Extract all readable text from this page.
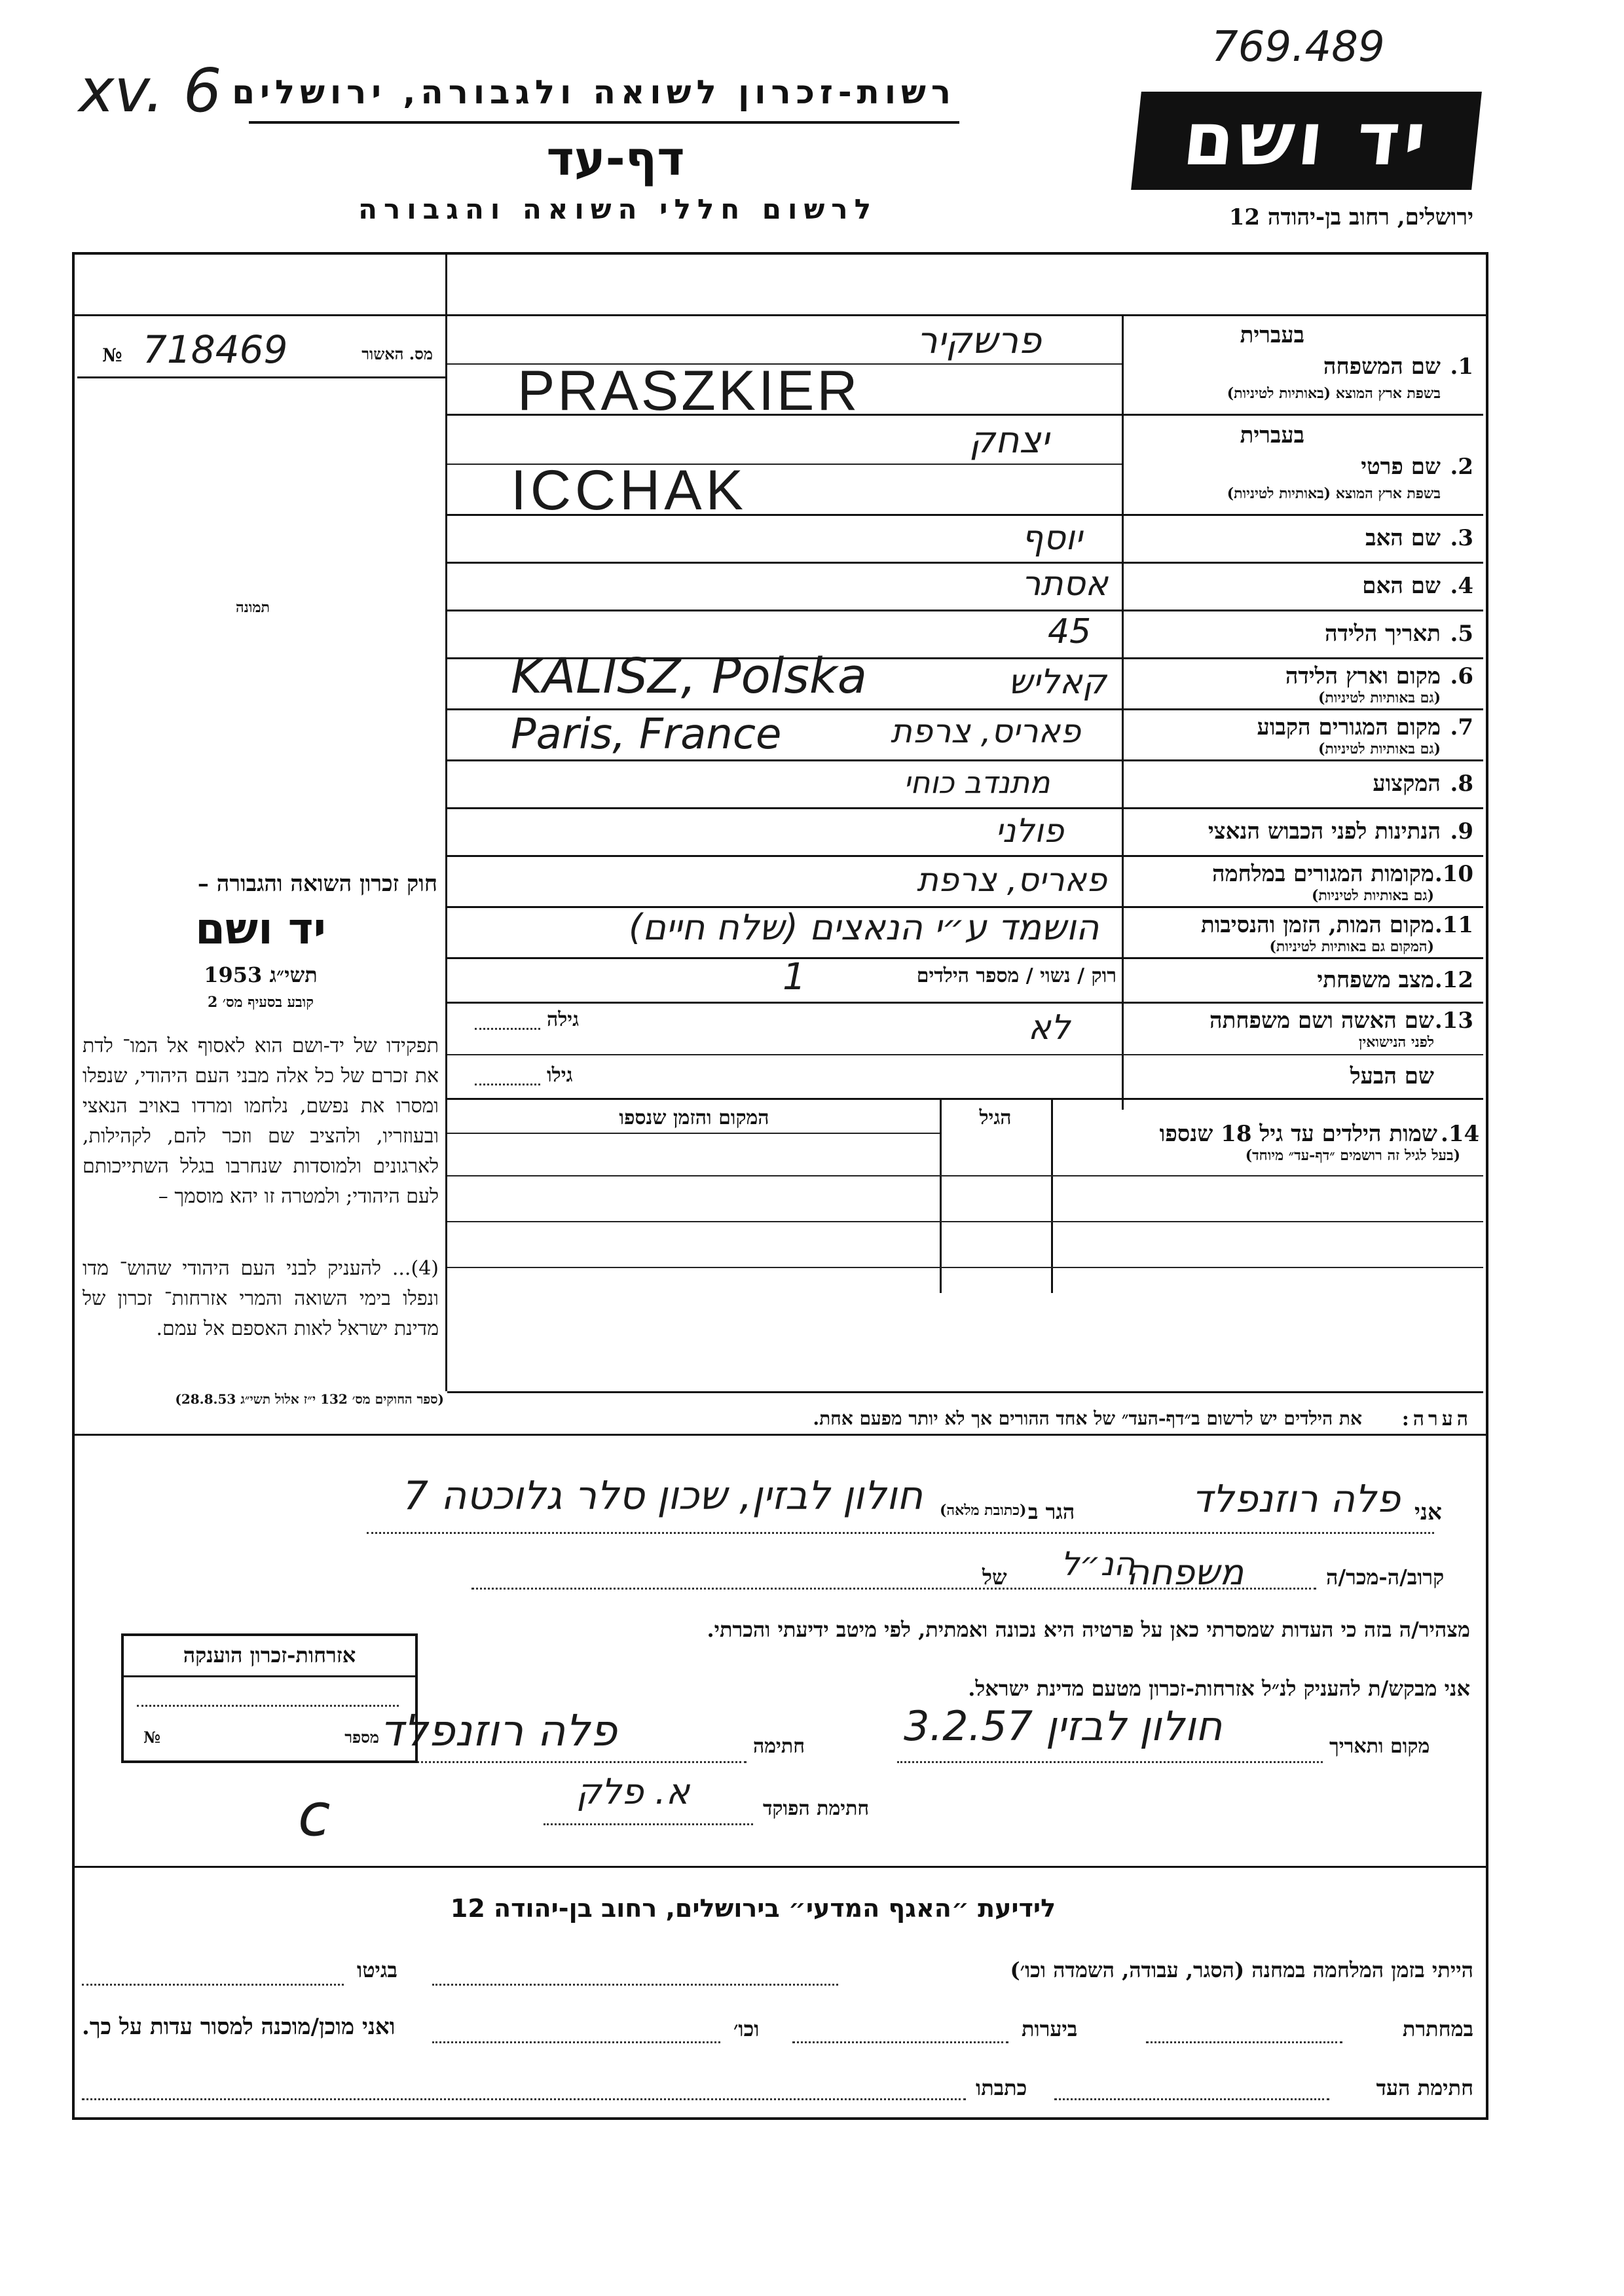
xv. 6
769.489
רשות-זכרון לשואה ולגבורה, ירושלים
דף-עד
לרשום חללי השואה והגבורה
יד ושם
ירושלים, רחוב בן-יהודה 12
№ 718469	מס. האשור
תמונה
בעברית
1.
שם המשפחה
בשפת ארץ המוצא (באותיות לטיניות)
בעברית
2.
שם פרטי
בשפת ארץ המוצא (באותיות לטיניות)
3.
שם האב
4.
שם האם
5.
תאריך הלידה
6.
מקום וארץ הלידה
(גם באותיות לטיניות)
7.
מקום המגורים הקבוע
(גם באותיות לטיניות)
8.
המקצוע
9.
הנתינות לפני הכבוש הנאצי
10.
מקומות המגורים במלחמה
(גם באותיות לטיניות)
11.
מקום המות, הזמן והנסיבות
(המקום גם באותיות לטיניות)
12.
מצב משפחתי
רוק / נשוי / מספר הילדים
13.
שם האשה ושם משפחתה
לפני הנישואין
גילה
שם הבעל
גילו
פרשקיר
PRASZKIER
יצחק
ICCHAK
יוסף
אסתר
45
קאליש
KALISZ, Polska
פאריס, צרפת
Paris, France
מתנדב כוחי
פולני
פאריס, צרפת
הושמד ע״י הנאצים (שלח חיים)
1
לא
14.
שמות הילדים עד גיל 18 שנספו
(בעל לגיל זה רושמים ״דף-עד״ מיוחד)
הגיל
המקום והזמן שנספו
חוק זכרון השואה והגבורה –
יד ושם
תשי״ג 1953
קובע בסעיף מס׳ 2
תפקידו של יד-ושם הוא לאסוף אל המו־ לדת את זכרם של כל אלה מבני העם היהודי, שנפלו ומסרו את נפשם, נלחמו ומרדו באויב הנאצי ובעוזריו, ולהציב שם וזכר להם, לקהילות, לארגונים ולמוסדות שנחרבו בגלל השתייכותם לעם היהודי; ולמטרה זו יהא מוסמך –
(4)... להעניק לבני העם היהודי שהוש־ מדו ונפלו בימי השואה והמרי אזרחות־ זכרון של מדינת ישראל לאות האספם אל עמם.
(ספר החוקים מס׳ 132 י״ז אלול תשי״ג 28.8.53)
הערה:
את הילדים יש לרשום ב״דף-העד״ של אחד ההורים אך לא יותר מפעם אחת.
אני
פלה רוזנפלד
הגר ב
(כתובת מלאה)
חולון לבזין, שכון סלר גלוכטה 7
קרוב/ה-מכר/ה
משפחה
של הנ״ל
מצהיר/ה בזה כי העדות שמסרתי כאן על פרטיה היא נכונה ואמתית, לפי מיטב ידיעתי והכרתי.
אני מבקש/ת להעניק לנ״ל אזרחות-זכרון מטעם מדינת ישראל.
מקום ותאריך
חולון לבזין 3.2.57
חתימה
פלה רוזנפלד
חתימת הפוקד
א. פלק
אזרחות-זכרון הוענקה
מספר
№
c
לידיעת ״האגף המדעי״ בירושלים, רחוב בן-יהודה 12
הייתי בזמן המלחמה במחנה (הסגר, עבודה, השמדה וכו׳)
בגיטו
במחתרת
ביערות
וכו׳
ואני מוכן/מוכנה למסור עדות על כך.
חתימת העד
כתבתו
